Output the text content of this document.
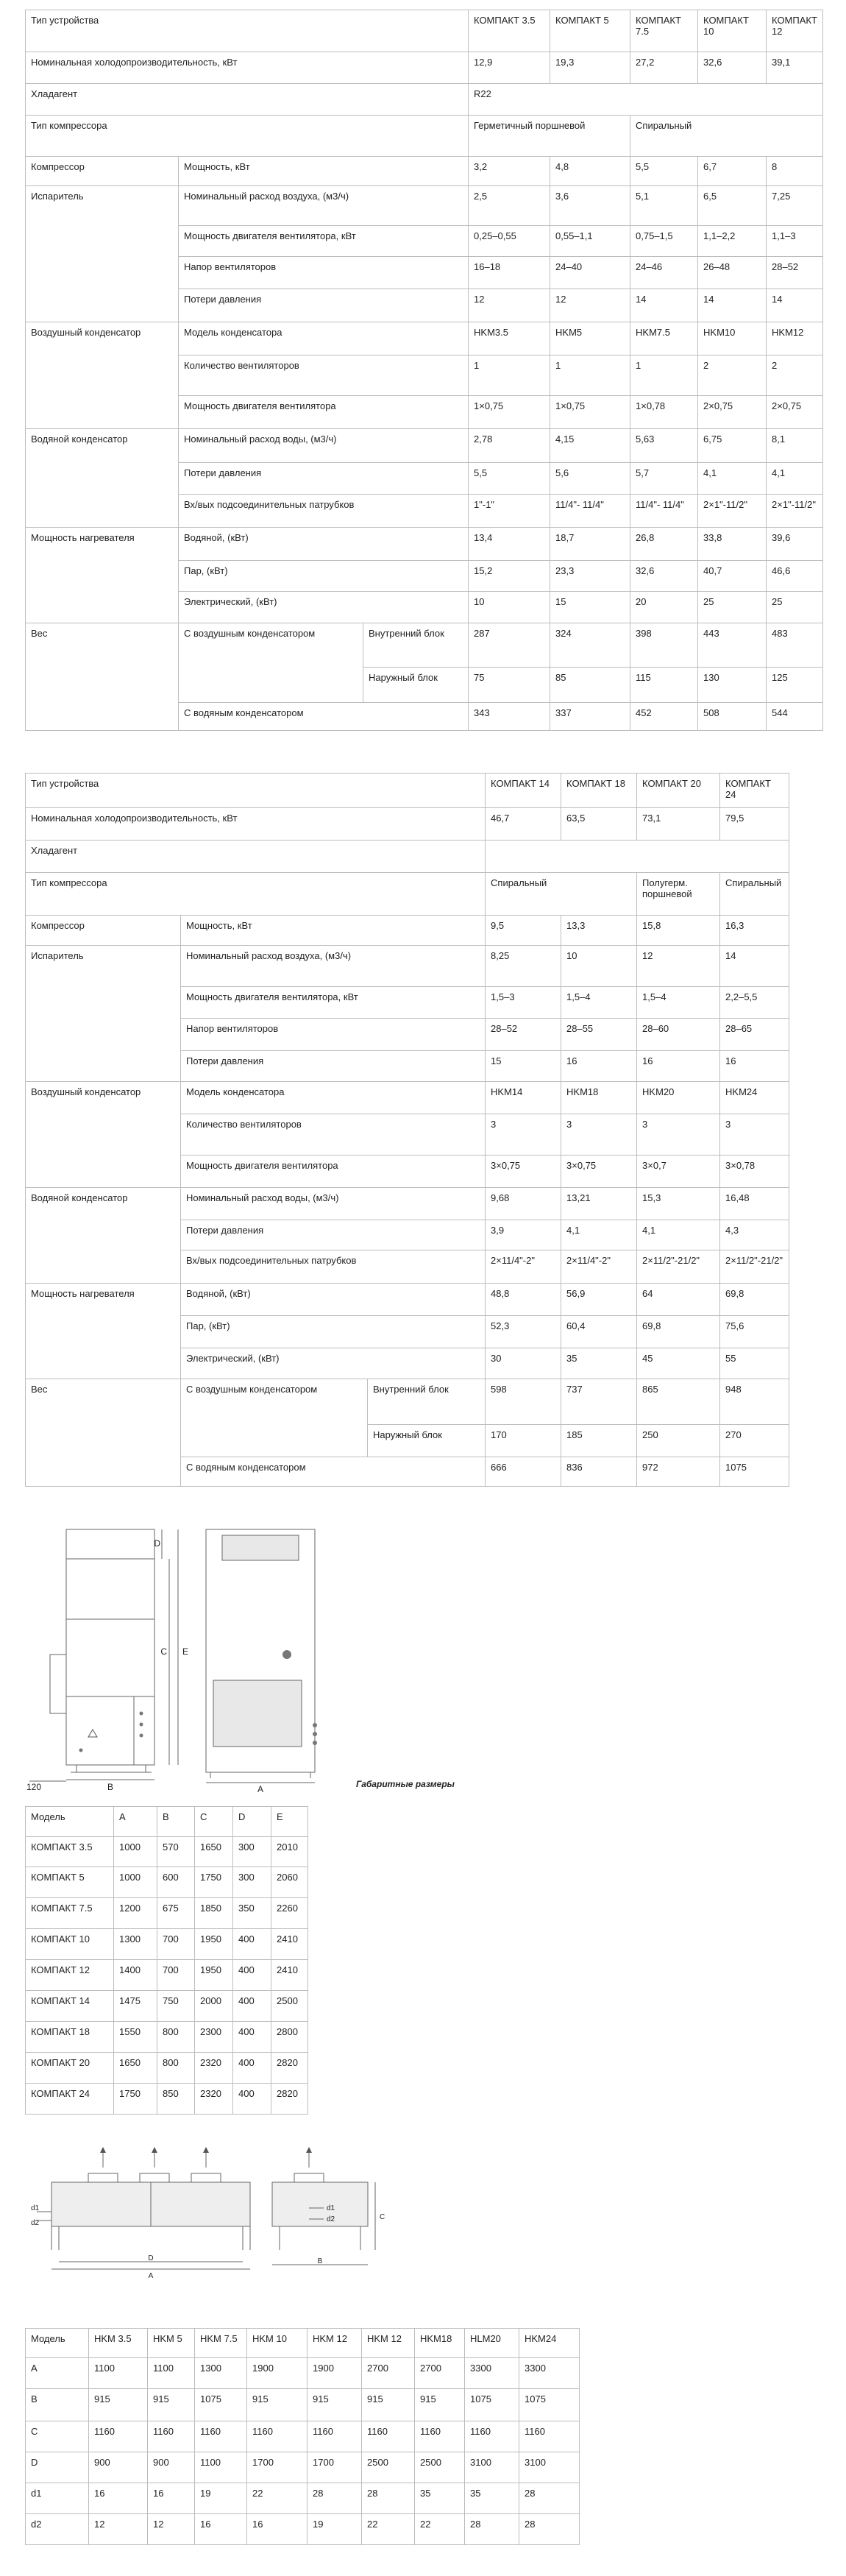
Тип устройства			КОМПАКТ 3.5	КОМПАКТ 5	КОМПАКТ 7.5	КОМПАКТ 10	КОМПАКТ 12
Номинальная холодопроизводительность, кВт			12,9	19,3	27,2	32,6	39,1
Хладагент			R22				
Тип компрессора			Герметичный поршневой		Спиральный		
Компрессор	Мощность, кВт		3,2	4,8	5,5	6,7	8
Испаритель	Номинальный расход воздуха, (м3/ч)		2,5	3,6	5,1	6,5	7,25
	Мощность двигателя вентилятора, кВт		0,25–0,55	0,55–1,1	0,75–1,5	1,1–2,2	1,1–3
	Напор вентиляторов		16–18	24–40	24–46	26–48	28–52
	Потери давления		12	12	14	14	14
Воздушный конденсатор	Модель конденсатора		HKM3.5	HKM5	HKM7.5	HKM10	HKM12
	Количество вентиляторов		1	1	1	2	2
	Мощность двигателя вентилятора		1×0,75	1×0,75	1×0,78	2×0,75	2×0,75
Водяной конденсатор	Номинальный расход воды, (м3/ч)		2,78	4,15	5,63	6,75	8,1
	Потери давления		5,5	5,6	5,7	4,1	4,1
	Вх/вых подсоединительных патрубков		1"-1"	11/4"- 11/4"	11/4"- 11/4"	2×1"-11/2"	2×1"-11/2"
Мощность нагревателя	Водяной, (кВт)		13,4	18,7	26,8	33,8	39,6
	Пар, (кВт)		15,2	23,3	32,6	40,7	46,6
	Электрический, (кВт)		10	15	20	25	25
Вес	С воздушным конденсатором	Внутренний блок	287	324	398	443	483
		Наружный блок	75	85	115	130	125
	С водяным конденсатором		343	337	452	508	544
Тип устройства			КОМПАКТ 14	КОМПАКТ 18	КОМПАКТ 20	КОМПАКТ 24
Номинальная холодопроизводительность, кВт			46,7	63,5	73,1	79,5
Хладагент						
Тип компрессора			Спиральный		Полугерм. поршневой	Спиральный
Компрессор	Мощность, кВт		9,5	13,3	15,8	16,3
Испаритель	Номинальный расход воздуха, (м3/ч)		8,25	10	12	14
	Мощность двигателя вентилятора, кВт		1,5–3	1,5–4	1,5–4	2,2–5,5
	Напор вентиляторов		28–52	28–55	28–60	28–65
	Потери давления		15	16	16	16
Воздушный конденсатор	Модель конденсатора		HKM14	HKM18	HKM20	HKM24
	Количество вентиляторов		3	3	3	3
	Мощность двигателя вентилятора		3×0,75	3×0,75	3×0,7	3×0,78
Водяной конденсатор	Номинальный расход воды, (м3/ч)		9,68	13,21	15,3	16,48
	Потери давления		3,9	4,1	4,1	4,3
	Вх/вых подсоединительных патрубков		2×11/4"-2"	2×11/4"-2"	2×11/2"-21/2"	2×11/2"-21/2"
Мощность нагревателя	Водяной, (кВт)		48,8	56,9	64	69,8
	Пар, (кВт)		52,3	60,4	69,8	75,6
	Электрический, (кВт)		30	35	45	55
Вес	С воздушным конденсатором	Внутренний блок	598	737	865	948
		Наружный блок	170	185	250	270
	С водяным конденсатором		666	836	972	1075
D
C E
B
120	A	Габаритные размеры
Модель	A	B	C	D	E
КОМПАКТ 3.5	1000	570	1650	300	2010
КОМПАКТ 5	1000	600	1750	300	2060
КОМПАКТ 7.5	1200	675	1850	350	2260
КОМПАКТ 10	1300	700	1950	400	2410
КОМПАКТ 12	1400	700	1950	400	2410
КОМПАКТ 14	1475	750	2000	400	2500
КОМПАКТ 18	1550	800	2300	400	2800
КОМПАКТ 20	1650	800	2320	400	2820
КОМПАКТ 24	1750	850	2320	400	2820
d1
d2
D
A
B
C
d1
d2
Модель	HKM 3.5	HKM 5	HKM 7.5	HKM 10	HKM 12	HKM 12	HKM18	HLM20	HKM24
A	1100	1100	1300	1900	1900	2700	2700	3300	3300
B	915	915	1075	915	915	915	915	1075	1075
C	1160	1160	1160	1160	1160	1160	1160	1160	1160
D	900	900	1100	1700	1700	2500	2500	3100	3100
d1	16	16	19	22	28	28	35	35	28
d2	12	12	16	16	19	22	22	28	28
